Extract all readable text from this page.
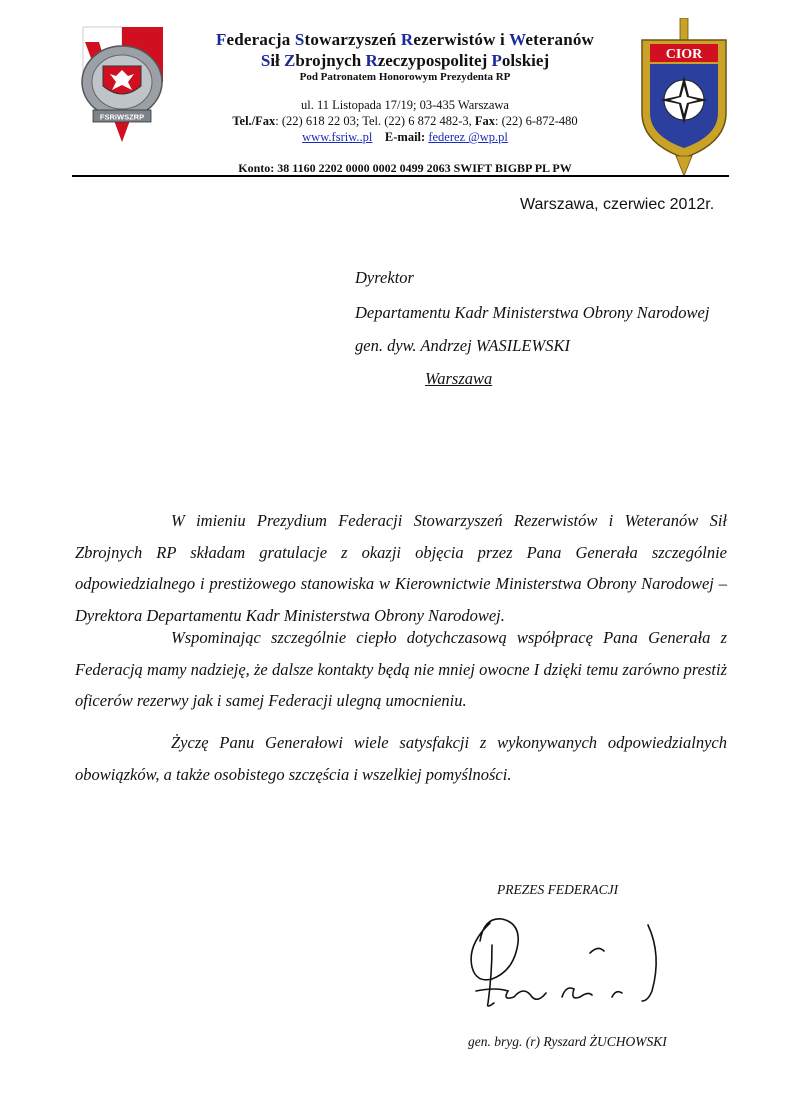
FSRiWSZRP
Federacja Stowarzyszeń Rezerwistów i Weteranów
Sił Zbrojnych Rzeczypospolitej Polskiej
Pod Patronatem Honorowym Prezydenta RP
ul. 11 Listopada 17/19; 03-435 Warszawa
Tel./Fax: (22) 618 22 03; Tel. (22) 6 872 482-3, Fax: (22) 6-872-480
www.fsriw..pl E-mail: federez @wp.pl
Konto: 38 1160 2202 0000 0002 0499 2063 SWIFT BIGBP PL PW
CIOR
Warszawa, czerwiec 2012r.
Dyrektor
Departamentu Kadr Ministerstwa Obrony Narodowej
gen. dyw. Andrzej WASILEWSKI
Warszawa

W imieniu Prezydium Federacji Stowarzyszeń Rezerwistów i Weteranów Sił Zbrojnych RP składam gratulacje z okazji objęcia przez Pana Generała szczególnie odpowiedzialnego i prestiżowego stanowiska w Kierownictwie Ministerstwa Obrony Narodowej – Dyrektora Departamentu Kadr Ministerstwa Obrony Narodowej.

Wspominając szczególnie ciepło dotychczasową współpracę Pana Generała z Federacją mamy nadzieję, że dalsze kontakty będą nie mniej owocne I dzięki temu zarówno prestiż oficerów rezerwy jak i samej Federacji ulegną umocnieniu.

Życzę Panu Generałowi wiele satysfakcji z wykonywanych odpowiedzialnych obowiązków, a także osobistego szczęścia i wszelkiej pomyślności.

PREZES FEDERACJI
gen. bryg. (r) Ryszard ŻUCHOWSKI
